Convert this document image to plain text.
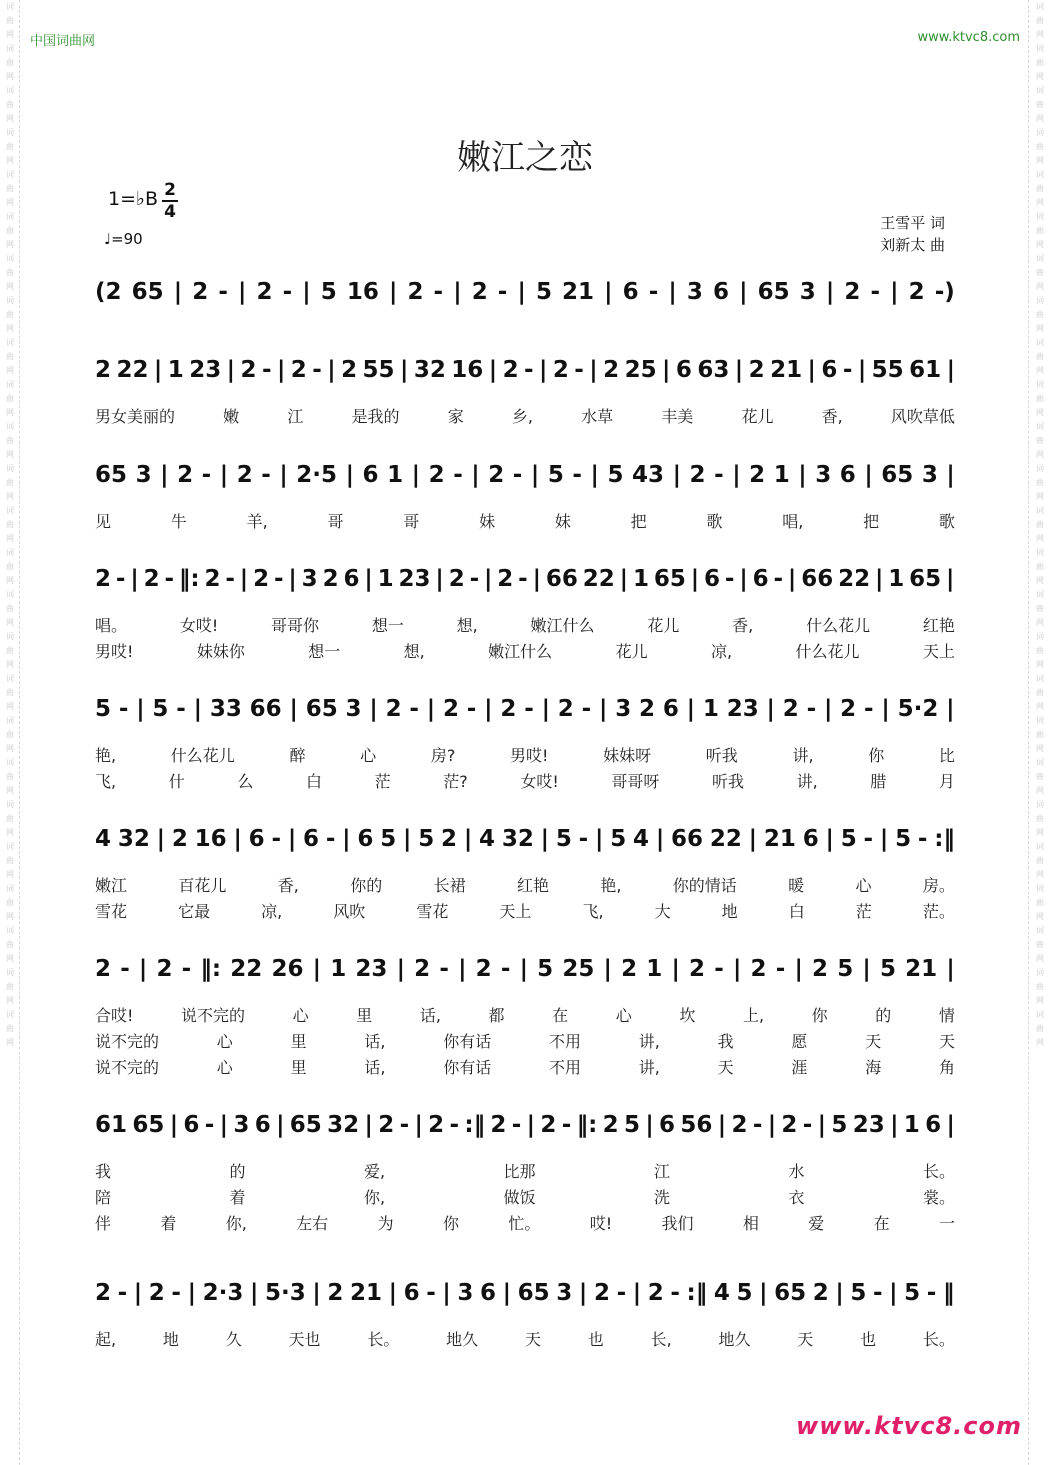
词
曲
网
词
曲
网
词
曲
网
词
曲
网
词
曲
网
词
曲
网
词
曲
网
词
曲
网
词
曲
网
词
曲
网
词
曲
网
词
曲
网
词
曲
网
词
曲
网
词
曲
网
词
曲
网
词
曲
网
词
曲
网
词
曲
网
词
曲
网
词
曲
网
词
曲
网
词
曲
网
词
曲
网
词
曲
网
词
曲
网
词
曲
网
词
曲
网
词
曲
网
词
曲
网
词
曲
网
词
曲
网
词
曲
网
词
曲
网
词
曲
网
词
曲
网
词
曲
网
词
曲
网
词
曲
网
词
曲
网
词
曲
网
词
曲
网
词
曲
网
词
曲
网
词
曲
网
词
曲
网
词
曲
网
词
曲
网
词
曲
网
词
曲
网
中国词曲网	www.ktvc8.com
嫩江之恋
1=♭B 2
4
♩=90
王雪平 词
刘新太 曲
(2 65 | 2 - | 2 - | 5 16 | 2 - | 2 - | 5 21 | 6 - | 3 6 | 65 3 | 2 - | 2 -)
2 22 | 1 23 | 2 - | 2 - | 2 55 | 32 16 | 2 - | 2 - | 2 25 | 6 63 | 2 21 | 6 - | 55 61 |
男女美丽的	嫩	江	是我的	家	乡,	水草	丰美	花儿	香,	风吹草低
65 3 | 2 - | 2 - | 2·5 | 6 1 | 2 - | 2 - | 5 - | 5 43 | 2 - | 2 1 | 3 6 | 65 3 |
见	牛	羊,	哥	哥	妹	妹	把	歌	唱,	把	歌
2 - | 2 - ‖: 2 - | 2 - | 3 2 6 | 1 23 | 2 - | 2 - | 66 22 | 1 65 | 6 - | 6 - | 66 22 | 1 65 |
唱。	女哎!	哥哥你	想一	想,	嫩江什么	花儿	香,	什么花儿	红艳
男哎!	妹妹你	想一	想,	嫩江什么	花儿	凉,	什么花儿	天上
5 - | 5 - | 33 66 | 65 3 | 2 - | 2 - | 2 - | 2 - | 3 2 6 | 1 23 | 2 - | 2 - | 5·2 |
艳,	什么花儿	醉	心	房?	男哎!	妹妹呀	听我	讲,	你	比
飞,	什	么	白	茫	茫?	女哎!	哥哥呀	听我	讲,	腊	月
4 32 | 2 16 | 6 - | 6 - | 6 5 | 5 2 | 4 32 | 5 - | 5 4 | 66 22 | 21 6 | 5 - | 5 - :‖
嫩江	百花儿	香,	你的	长裙	红艳	艳,	你的情话	暖	心	房。
雪花	它最	凉,	风吹	雪花	天上	飞,	大	地	白	茫	茫。
2 - | 2 - ‖: 22 26 | 1 23 | 2 - | 2 - | 5 25 | 2 1 | 2 - | 2 - | 2 5 | 5 21 |
合哎!	说不完的	心	里	话,	都	在	心	坎	上,	你	的	情
说不完的	心	里	话,	你有话	不用	讲,	我	愿	天	天
说不完的	心	里	话,	你有话	不用	讲,	天	涯	海	角
61 65 | 6 - | 3 6 | 65 32 | 2 - | 2 - :‖ 2 - | 2 - ‖: 2 5 | 6 56 | 2 - | 2 - | 5 23 | 1 6 |
我	的	爱,	比那	江	水	长。
陪	着	你,	做饭	洗	衣	裳。
伴	着	你,	左右	为	你	忙。	哎!	我们	相	爱	在	一
2 - | 2 - | 2·3 | 5·3 | 2 21 | 6 - | 3 6 | 65 3 | 2 - | 2 - :‖ 4 5 | 65 2 | 5 - | 5 - ‖
起,	地	久	天也	长。	地久	天	也	长,	地久	天	也	长。
www.ktvc8.com
